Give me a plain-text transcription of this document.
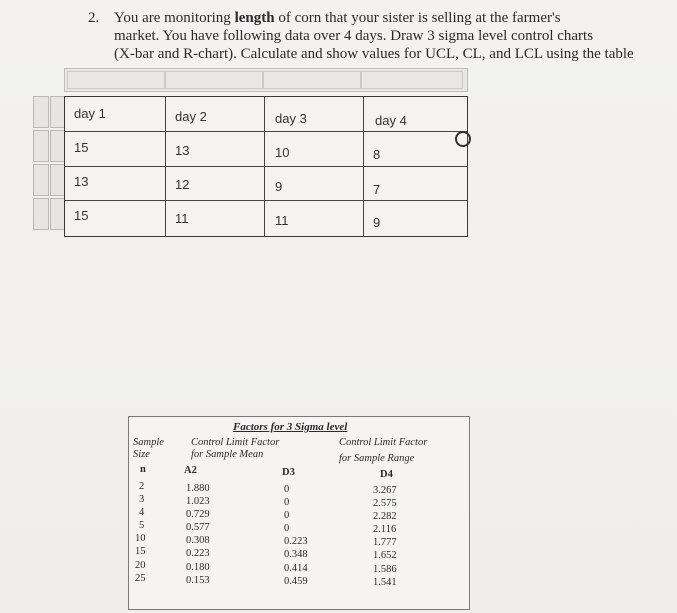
2. You are monitoring length of corn that your sister is selling at the farmer's
market. You have following data over 4 days. Draw 3 sigma level control charts
(X-bar and R-chart). Calculate and show values for UCL, CL, and LCL using the table
day 1	day 2	day 3	day 4
15	13	10	8
13	12	9	7
15	11	11	9
Factors for 3 Sigma level
Sample
Size
Control Limit Factor
for Sample Mean
Control Limit Factor
for Sample Range
n	A2	D3	D4
2	1.880	0	3.267
3	1.023	0	2.575
4	0.729	0	2.282
5	0.577	0	2.116
10	0.308	0.223	1.777
15	0.223	0.348	1.652
20	0.180	0.414	1.586
25	0.153	0.459	1.541
